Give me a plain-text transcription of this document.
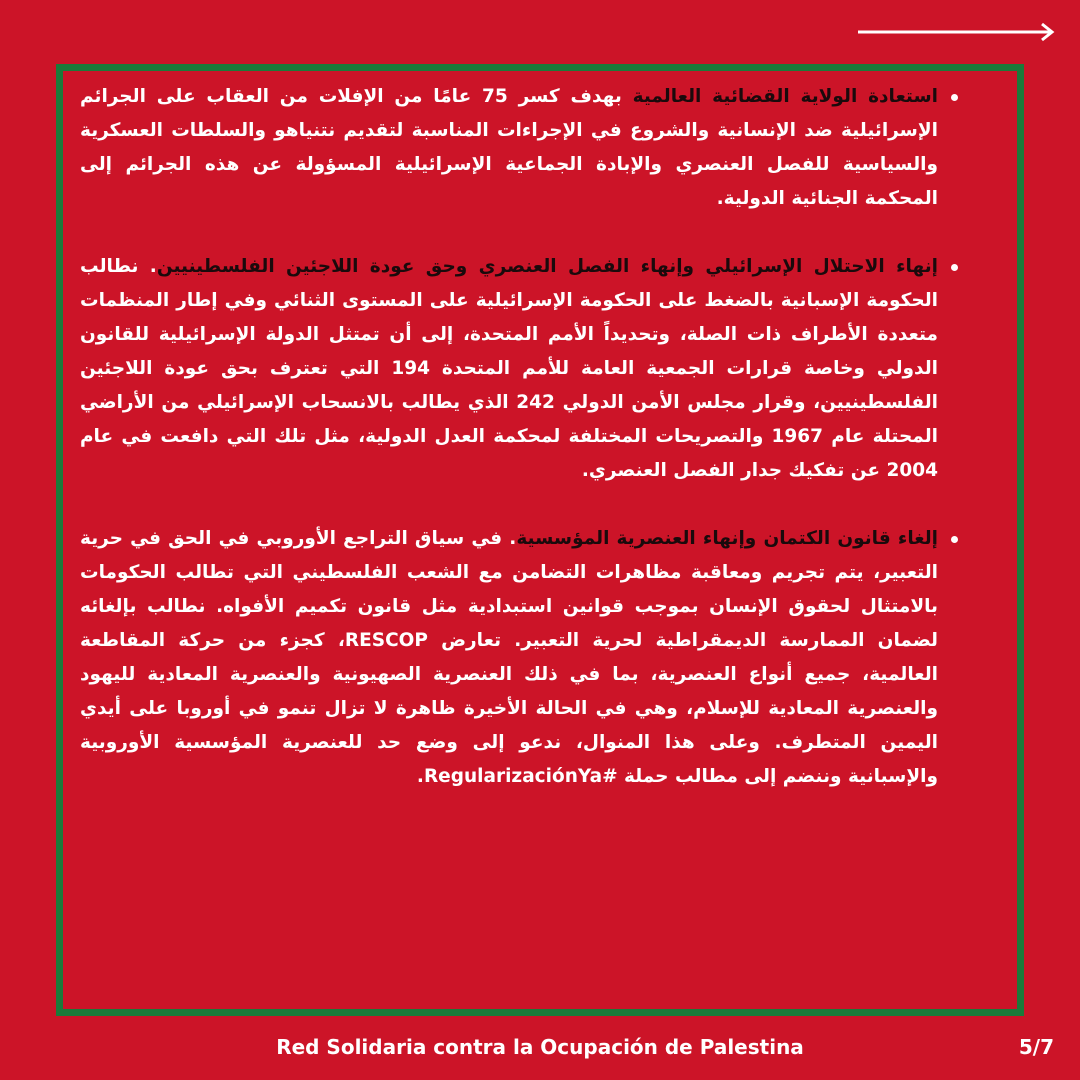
استعادة الولاية القضائية العالمية بهدف كسر 75 عامًا من الإفلات من العقاب على الجرائم الإسرائيلية ضد الإنسانية والشروع في الإجراءات المناسبة لتقديم نتنياهو والسلطات العسكرية والسياسية للفصل العنصري والإبادة الجماعية الإسرائيلية المسؤولة عن هذه الجرائم إلى المحكمة الجنائية الدولية.
إنهاء الاحتلال الإسرائيلي وإنهاء الفصل العنصري وحق عودة اللاجئين الفلسطينيين. نطالب الحكومة الإسبانية بالضغط على الحكومة الإسرائيلية على المستوى الثنائي وفي إطار المنظمات متعددة الأطراف ذات الصلة، وتحديداً الأمم المتحدة، إلى أن تمتثل الدولة الإسرائيلية للقانون الدولي وخاصة قرارات الجمعية العامة للأمم المتحدة 194 التي تعترف بحق عودة اللاجئين الفلسطينيين، وقرار مجلس الأمن الدولي 242 الذي يطالب بالانسحاب الإسرائيلي من الأراضي المحتلة عام 1967 والتصريحات المختلفة لمحكمة العدل الدولية، مثل تلك التي دافعت في عام 2004 عن تفكيك جدار الفصل العنصري.
إلغاء قانون الكتمان وإنهاء العنصرية المؤسسية. في سياق التراجع الأوروبي في الحق في حرية التعبير، يتم تجريم ومعاقبة مظاهرات التضامن مع الشعب الفلسطيني التي تطالب الحكومات بالامتثال لحقوق الإنسان بموجب قوانين استبدادية مثل قانون تكميم الأفواه. نطالب بإلغائه لضمان الممارسة الديمقراطية لحرية التعبير. تعارض RESCOP، كجزء من حركة المقاطعة العالمية، جميع أنواع العنصرية، بما في ذلك العنصرية الصهيونية والعنصرية المعادية لليهود والعنصرية المعادية للإسلام، وهي في الحالة الأخيرة ظاهرة لا تزال تنمو في أوروبا على أيدي اليمين المتطرف. وعلى هذا المنوال، ندعو إلى وضع حد للعنصرية المؤسسية الأوروبية والإسبانية وننضم إلى مطالب حملة #RegularizaciónYa.
Red Solidaria contra la Ocupación de Palestina	5/7
